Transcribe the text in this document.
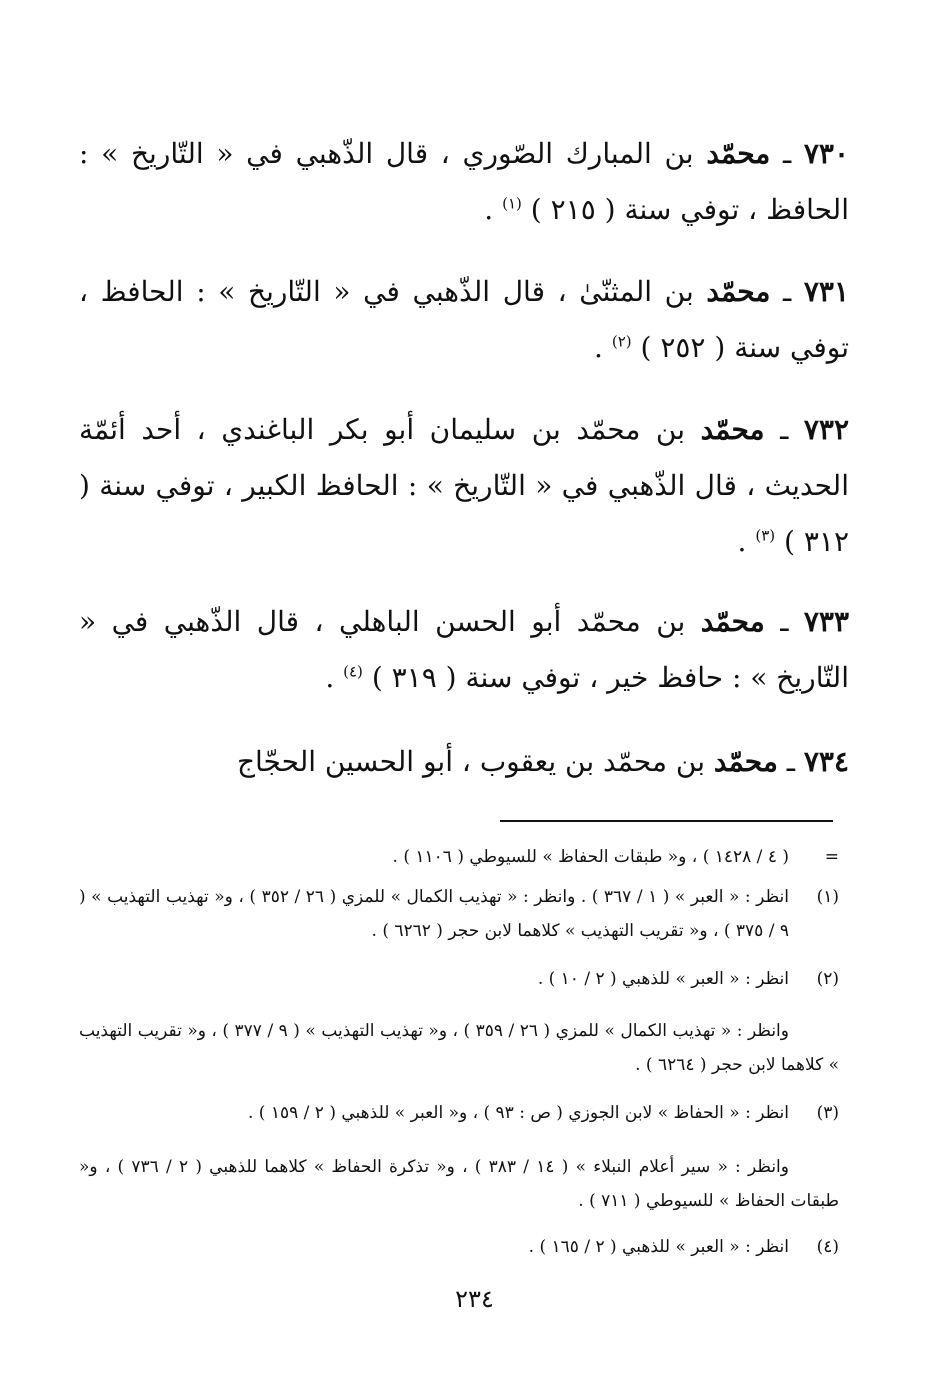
٧٣٠ ـ محمّد بن المبارك الصّوري ، قال الذّهبي في « التّاريخ » : الحافظ ، توفي سنة ( ٢١٥ ) $^{(١)}$ .
٧٣١ ـ محمّد بن المثنّىٰ ، قال الذّهبي في « التّاريخ » : الحافظ ، توفي سنة ( ٢٥٢ ) $^{(٢)}$ .
٧٣٢ ـ محمّد بن محمّد بن سليمان أبو بكر الباغندي ، أحد أئمّة الحديث ، قال الذّهبي في « التّاريخ » : الحافظ الكبير ، توفي سنة ( ٣١٢ ) $^{(٣)}$ .
٧٣٣ ـ محمّد بن محمّد أبو الحسن الباهلي ، قال الذّهبي في « التّاريخ » : حافظ خير ، توفي سنة ( ٣١٩ ) $^{(٤)}$ .
٧٣٤ ـ محمّد بن محمّد بن يعقوب ، أبو الحسين الحجّاج
( ٤ / ١٤٢٨ ) ، و« طبقات الحفاظ » للسيوطي ( ١١٠٦ ) .	=
(١)
انظر : « العبر » ( ١ / ٣٦٧ ) . وانظر : « تهذيب الكمال » للمزي ( ٢٦ / ٣٥٢ ) ، و« تهذيب التهذيب » ( ٩ / ٣٧٥ ) ، و« تقريب التهذيب » كلاهما لابن حجر ( ٦٢٦٢ ) .
(٢)
انظر : « العبر » للذهبي ( ٢ / ١٠ ) .
وانظر : « تهذيب الكمال » للمزي ( ٢٦ / ٣٥٩ ) ، و« تهذيب التهذيب » ( ٩ / ٣٧٧ ) ، و« تقريب التهذيب » كلاهما لابن حجر ( ٦٢٦٤ ) .
(٣)
انظر : « الحفاظ » لابن الجوزي ( ص : ٩٣ ) ، و« العبر » للذهبي ( ٢ / ١٥٩ ) .
وانظر : « سير أعلام النبلاء » ( ١٤ / ٣٨٣ ) ، و« تذكرة الحفاظ » كلاهما للذهبي ( ٢ / ٧٣٦ ) ، و« طبقات الحفاظ » للسيوطي ( ٧١١ ) .
(٤)
انظر : « العبر » للذهبي ( ٢ / ١٦٥ ) .
٢٣٤
